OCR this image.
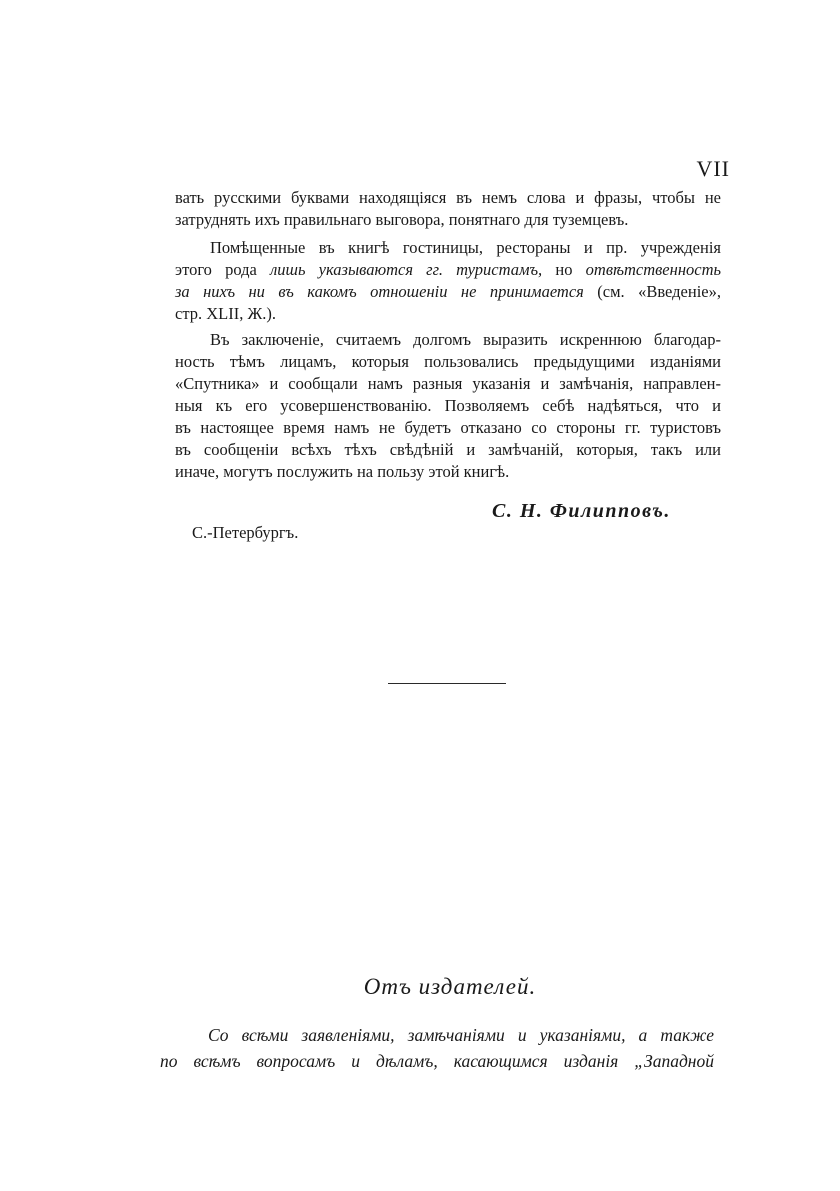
VII
вать русскими буквами находящіяся въ немъ слова и фразы, чтобы не
затруднять ихъ правильнаго выговора, понятнаго для туземцевъ.
Помѣщенные въ книгѣ гостиницы, рестораны и пр. учрежденія
этого рода лишь указываются гг. туристамъ, но отвѣтственность
за нихъ ни въ какомъ отношеніи не принимается (см. «Введеніе»,
стр. XLII, Ж.).
Въ заключеніе, считаемъ долгомъ выразить искреннюю благодар-
ность тѣмъ лицамъ, которыя пользовались предыдущими изданіями
«Спутника» и сообщали намъ разныя указанія и замѣчанія, направлен-
ныя къ его усовершенствованію. Позволяемъ себѣ надѣяться, что и
въ настоящее время намъ не будетъ отказано со стороны гг. туристовъ
въ сообщеніи всѣхъ тѣхъ свѣдѣній и замѣчаній, которыя, такъ или
иначе, могутъ послужить на пользу этой книгѣ.
С. Н. Филипповъ.
С.-Петербургъ.
Отъ издателей.
Со всѣми заявленіями, замѣчаніями и указаніями, а также
по всѣмъ вопросамъ и дѣламъ, касающимся изданія „Западной
